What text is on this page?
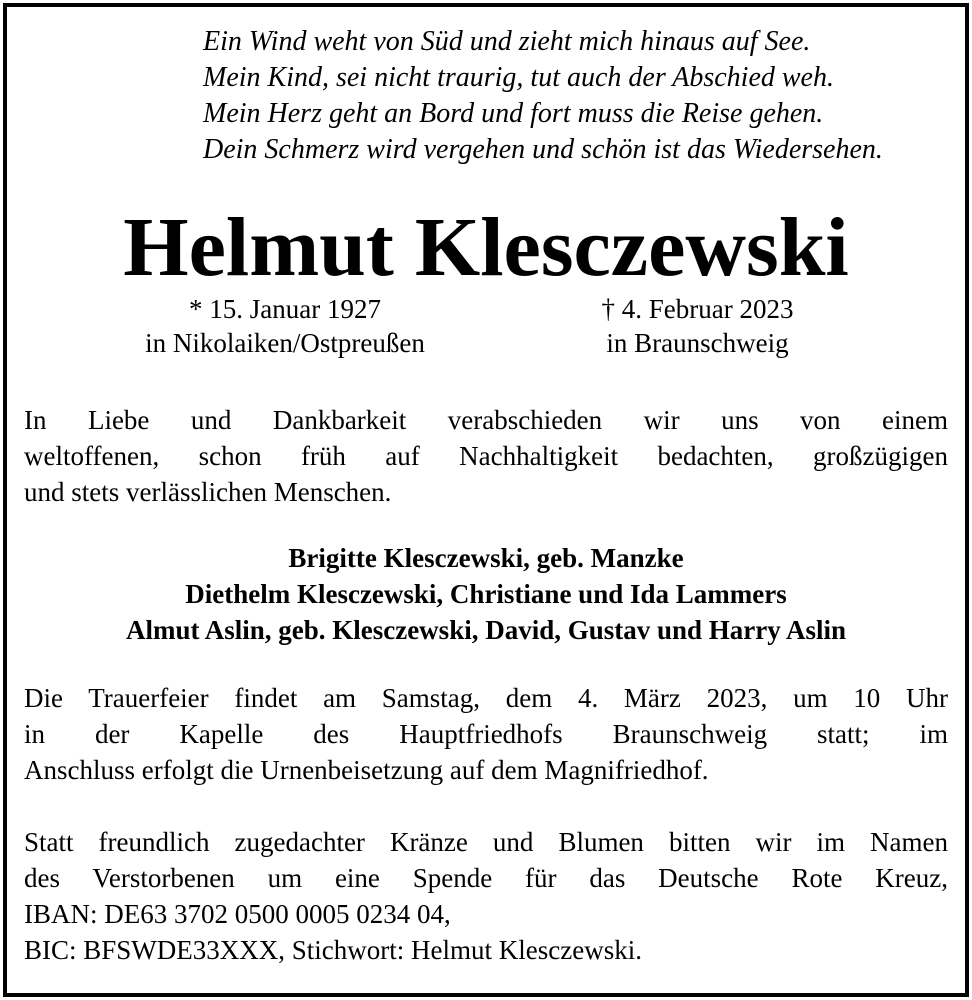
Ein Wind weht von Süd und zieht mich hinaus auf See.
Mein Kind, sei nicht traurig, tut auch der Abschied weh.
Mein Herz geht an Bord und fort muss die Reise gehen.
Dein Schmerz wird vergehen und schön ist das Wiedersehen.
Helmut Klesczewski
* 15. Januar 1927
in Nikolaiken/Ostpreußen
† 4. Februar 2023
in Braunschweig
In Liebe und Dankbarkeit verabschieden wir uns von einem
weltoffenen, schon früh auf Nachhaltigkeit bedachten, großzügigen
und stets verlässlichen Menschen.
Brigitte Klesczewski, geb. Manzke
Diethelm Klesczewski, Christiane und Ida Lammers
Almut Aslin, geb. Klesczewski, David, Gustav und Harry Aslin
Die Trauerfeier findet am Samstag, dem 4. März 2023, um 10 Uhr
in der Kapelle des Hauptfriedhofs Braunschweig statt; im
Anschluss erfolgt die Urnenbeisetzung auf dem Magnifriedhof.
Statt freundlich zugedachter Kränze und Blumen bitten wir im Namen
des Verstorbenen um eine Spende für das Deutsche Rote Kreuz,
IBAN: DE63 3702 0500 0005 0234 04,
BIC: BFSWDE33XXX, Stichwort: Helmut Klesczewski.
